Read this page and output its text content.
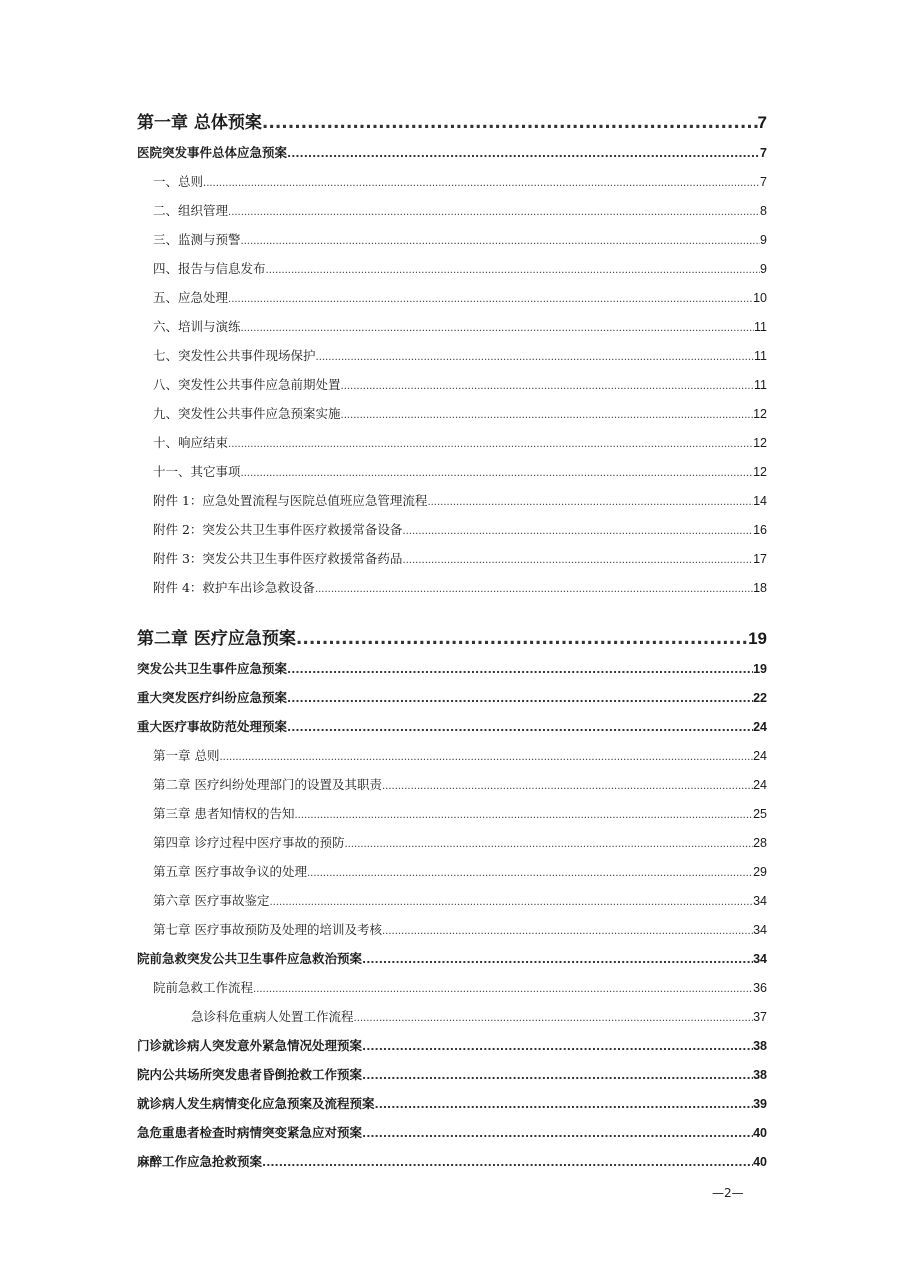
第一章 总体预案 .....	7
医院突发事件总体应急预案 .....	7
一、总则 .....	7
二、组织管理 .....	8
三、监测与预警 .....	9
四、报告与信息发布 .....	9
五、应急处理 .....	10
六、培训与演练 .....	11
七、突发性公共事件现场保护 .....	11
八、突发性公共事件应急前期处置 .....	11
九、突发性公共事件应急预案实施 .....	12
十、响应结束 .....	12
十一、其它事项 .....	12
附件 1：应急处置流程与医院总值班应急管理流程 .....	14
附件 2：突发公共卫生事件医疗救援常备设备 .....	16
附件 3：突发公共卫生事件医疗救援常备药品 .....	17
附件 4：救护车出诊急救设备 .....	18
第二章 医疗应急预案 .....	19
突发公共卫生事件应急预案 .....	19
重大突发医疗纠纷应急预案 .....	22
重大医疗事故防范处理预案 .....	24
第一章 总则 .....	24
第二章 医疗纠纷处理部门的设置及其职责 .....	24
第三章 患者知情权的告知 .....	25
第四章 诊疗过程中医疗事故的预防 .....	28
第五章 医疗事故争议的处理 .....	29
第六章 医疗事故鉴定 .....	34
第七章 医疗事故预防及处理的培训及考核 .....	34
院前急救突发公共卫生事件应急救治预案 .....	34
院前急救工作流程 .....	36
急诊科危重病人处置工作流程 .....	37
门诊就诊病人突发意外紧急情况处理预案 .....	38
院内公共场所突发患者昏倒抢救工作预案 .....	38
就诊病人发生病情变化应急预案及流程预案 .....	39
急危重患者检查时病情突变紧急应对预案 .....	40
麻醉工作应急抢救预案 .....	40
—2—
